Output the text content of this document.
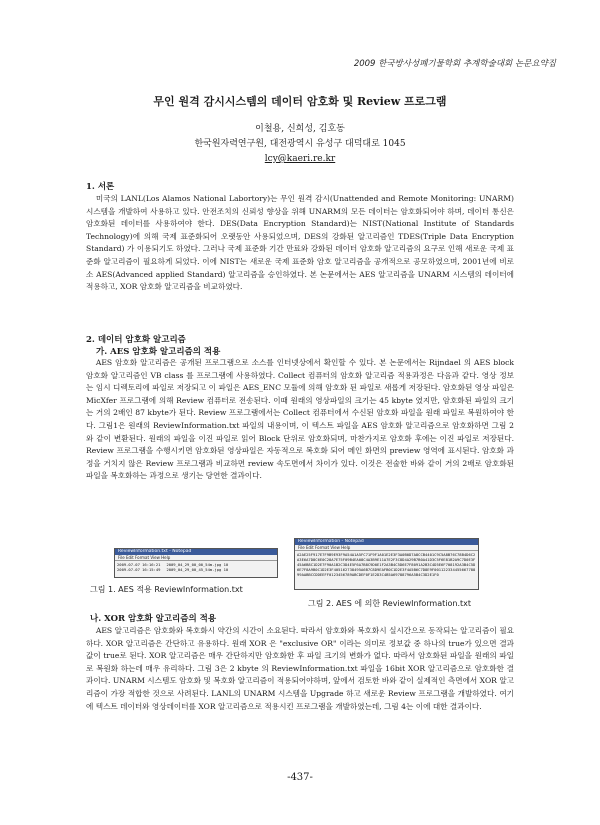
2009 한국방사성폐기물학회 추계학술대회 논문요약집
무인 원격 감시시스템의 데이터 암호화 및 Review 프로그램
이철용, 신희성, 김호동
한국원자력연구원, 대전광역시 유성구 대덕대로 1045
lcy@kaeri.re.kr
1. 서론

미국의 LANL(Los Alamos National Labortory)는 무인 원격 감시(Unattended and Remote Monitoring: UNARM) 시스템을 개발하여 사용하고 있다. 안전조치의 신뢰성 향상을 위해 UNARM의 모든 데이터는 암호화되어야 하며, 데이터 통신은 암호화된 데이터를 사용하여야 한다. DES(Data Encryption Standard)는 NIST(National Institute of Standards Technology)에 의해 국제 표준화되어 오랫동안 사용되었으며, DES의 강화된 알고리즘인 TDES(Triple Data Encryption Standard) 가 이용되기도 하였다. 그러나 국제 표준화 기간 만료와 강화된 데이터 암호화 알고리즘의 요구로 인해 새로운 국제 표준화 알고리즘이 필요하게 되었다. 이에 NIST는 새로운 국제 표준화 암호 알고리즘을 공개적으로 공모하였으며, 2001년에 비로소 AES(Advanced applied Standard) 알고리즘을 승인하였다. 본 논문에서는 AES 알고리즘을 UNARM 시스템의 데이터에 적용하고, XOR 암호화 알고리즘을 비교하였다.

2. 데이터 암호화 알고리즘
가. AES 암호화 알고리즘의 적용

AES 암호화 알고리즘은 공개된 프로그램으로 소스를 인터넷상에서 확인할 수 있다. 본 논문에서는 Rijndael 의 AES block 암호화 알고리즘인 VB class 를 프로그램에 사용하였다. Collect 컴퓨터의 암호화 알고리즘 적용과정은 다음과 같다. 영상 정보는 임시 디렉토리에 파일로 저장되고 이 파일은 AES_ENC 모듈에 의해 암호화 된 파일로 새롭게 저장된다. 암호화된 영상 파일은 MicXfer 프로그램에 의해 Review 컴퓨터로 전송된다. 이때 원래의 영상파일의 크기는 45 kbyte 였지만, 암호화된 파일의 크기는 거의 2배인 87 kbyte가 된다. Review 프로그램에서는 Collect 컴퓨터에서 수신된 암호화 파일을 원래 파일로 복원하여야 한다. 그림1은 원래의 ReviewInformation.txt 파일의 내용이며, 이 텍스트 파일을 AES 암호화 알고리즘으로 암호화하면 그림 2와 같이 변환된다. 원래의 파일을 이진 파일로 읽어 Block 단위로 암호화되며, 마찬가지로 암호화 후에는 이진 파일로 저장된다. Review 프로그램을 수행시키면 암호화된 영상파일은 자동적으로 복호화 되어 메인 화면의 preview 영역에 표시된다. 암호화 과정을 거치지 않은 Review 프로그램과 비교하면 review 속도면에서 차이가 있다. 이것은 전술한 바와 같이 거의 2배로 암호화된 파일을 복호화하는 과정으로 생기는 당연한 결과이다.

ReviewInformation.txt - Notepad
File Edit Format View Help
2009-07-07 16:16:21
2009-07-07 16:15:49
2009_04_29_00_00_54m.jpg 10
2009_04_29_00_45_54m.jpg 10
그림 1. AES 적용 ReviewInformation.txt
ReviewInformation - Notepad
File Edit Format View Help
A2AE25F917E7F9B9E93F9A54A1A5FC71F9F1A01E2E3F3A0B0D7A8CCB4401C9C5A8B76C78B4D6C2A3E6A7D8C6E0C28A7E75F09B4EA08C4A3B9E11A7E2F3C8D4A29B7B0A41D3C5F6E81B2A9C7D0E3F45A6B8C1D2E7F90A1B2C3D4E5F6A7B8C9D0E1F2A3B4C5D6E7F8091A2B3C4D5E6F708192A3B4C5D6E7F8A9B0C1D2E3F405162738495A6B7C8D9EAFB0C1D2E3F4A5B6C7D8E9F00112233445566778899AABBCCDDEEFF0123456789ABCDEF0F1E2D3C4B5A69788796A5B4C3D2E1F0
그림 2. AES 에 의한 ReviewInformation.txt
나. XOR 암호화 알고리즘의 적용

AES 알고리즘은 암호화와 복호화시 약간의 시간이 소요된다. 따라서 암호화와 복호화시 실시간으로 동작되는 알고리즘이 필요하다. XOR 알고리즘은 간단하고 유용하다. 원래 XOR 은 "exclusive OR" 이라는 의미로 정보값 중 하나의 true가 있으면 결과값이 true로 된다. XOR 알고리즘은 매우 간단하지만 암호화한 후 파일 크기의 변화가 없다. 따라서 암호화된 파일을 원래의 파일로 복원화 하는데 매우 유리하다. 그림 3은 2 kbyte 의 ReviewInformation.txt 파일을 16bit XOR 알고리즘으로 암호화한 결과이다. UNARM 시스템도 암호화 및 복호화 알고리즘이 적용되어야하며, 앞에서 검토한 바와 같이 실제적인 측면에서 XOR 알고리즘이 가장 적합한 것으로 사려된다. LANL의 UNARM 시스템을 Upgrade 하고 새로운 Review 프로그램을 개발하였다. 여기에 텍스트 데이터와 영상데이터를 XOR 알고리즘으로 적용시킨 프로그램을 개발하였는데, 그림 4는 이에 대한 결과이다.

-437-
